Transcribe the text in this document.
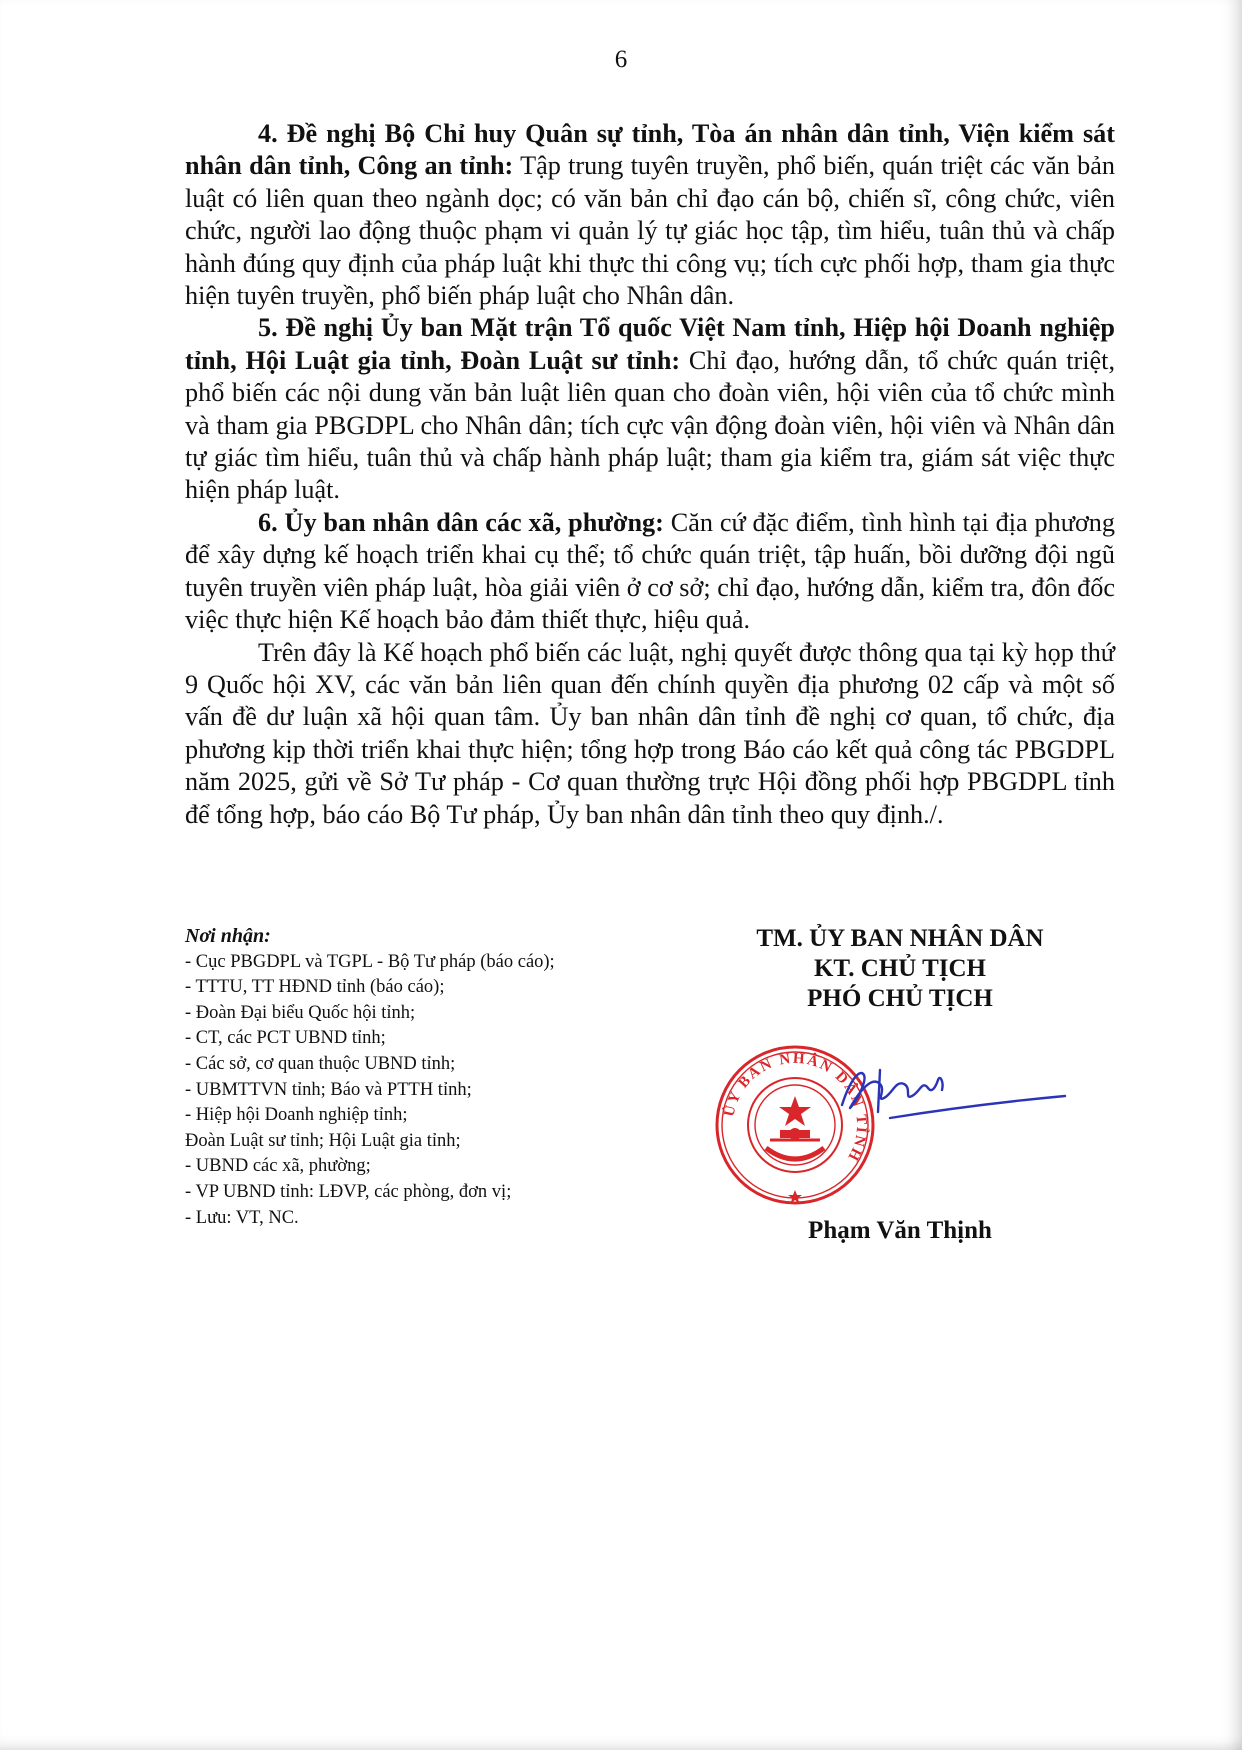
6

4. Đề nghị Bộ Chỉ huy Quân sự tỉnh, Tòa án nhân dân tỉnh, Viện kiểm sát nhân dân tỉnh, Công an tỉnh: Tập trung tuyên truyền, phổ biến, quán triệt các văn bản luật có liên quan theo ngành dọc; có văn bản chỉ đạo cán bộ, chiến sĩ, công chức, viên chức, người lao động thuộc phạm vi quản lý tự giác học tập, tìm hiểu, tuân thủ và chấp hành đúng quy định của pháp luật khi thực thi công vụ; tích cực phối hợp, tham gia thực hiện tuyên truyền, phổ biến pháp luật cho Nhân dân.

5. Đề nghị Ủy ban Mặt trận Tổ quốc Việt Nam tỉnh, Hiệp hội Doanh nghiệp tỉnh, Hội Luật gia tỉnh, Đoàn Luật sư tỉnh: Chỉ đạo, hướng dẫn, tổ chức quán triệt, phổ biến các nội dung văn bản luật liên quan cho đoàn viên, hội viên của tổ chức mình và tham gia PBGDPL cho Nhân dân; tích cực vận động đoàn viên, hội viên và Nhân dân tự giác tìm hiểu, tuân thủ và chấp hành pháp luật; tham gia kiểm tra, giám sát việc thực hiện pháp luật.

6. Ủy ban nhân dân các xã, phường: Căn cứ đặc điểm, tình hình tại địa phương để xây dựng kế hoạch triển khai cụ thể; tổ chức quán triệt, tập huấn, bồi dưỡng đội ngũ tuyên truyền viên pháp luật, hòa giải viên ở cơ sở; chỉ đạo, hướng dẫn, kiểm tra, đôn đốc việc thực hiện Kế hoạch bảo đảm thiết thực, hiệu quả.

Trên đây là Kế hoạch phổ biến các luật, nghị quyết được thông qua tại kỳ họp thứ 9 Quốc hội XV, các văn bản liên quan đến chính quyền địa phương 02 cấp và một số vấn đề dư luận xã hội quan tâm. Ủy ban nhân dân tỉnh đề nghị cơ quan, tổ chức, địa phương kịp thời triển khai thực hiện; tổng hợp trong Báo cáo kết quả công tác PBGDPL năm 2025, gửi về Sở Tư pháp - Cơ quan thường trực Hội đồng phối hợp PBGDPL tỉnh để tổng hợp, báo cáo Bộ Tư pháp, Ủy ban nhân dân tỉnh theo quy định./.

Nơi nhận:
- Cục PBGDPL và TGPL - Bộ Tư pháp (báo cáo);
- TTTU, TT HĐND tỉnh (báo cáo);
- Đoàn Đại biểu Quốc hội tỉnh;
- CT, các PCT UBND tỉnh;
- Các sở, cơ quan thuộc UBND tỉnh;
- UBMTTVN tỉnh; Báo và PTTH tỉnh;
- Hiệp hội Doanh nghiệp tỉnh;
Đoàn Luật sư tỉnh; Hội Luật gia tỉnh;
- UBND các xã, phường;
- VP UBND tỉnh: LĐVP, các phòng, đơn vị;
- Lưu: VT, NC.
TM. ỦY BAN NHÂN DÂN
KT. CHỦ TỊCH
PHÓ CHỦ TỊCH
ỦY BAN NHÂN DÂN TỈNH
Phạm Văn Thịnh
